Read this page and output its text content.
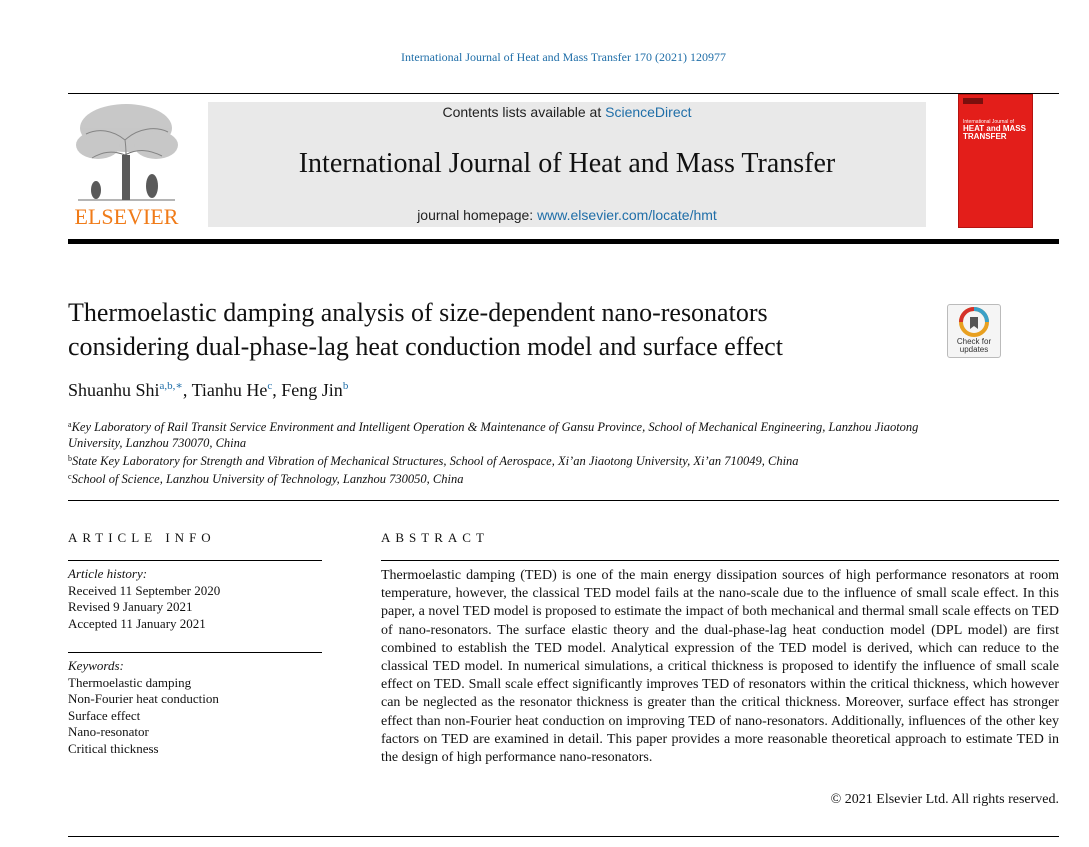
International Journal of Heat and Mass Transfer 170 (2021) 120977
ELSEVIER
Contents lists available at ScienceDirect
International Journal of Heat and Mass Transfer
journal homepage: www.elsevier.com/locate/hmt
International Journal of
HEAT and MASS TRANSFER
Thermoelastic damping analysis of size-dependent nano-resonators
considering dual-phase-lag heat conduction model and surface effect	Check for
updates
Shuanhu Shi$^{a,b,∗}$, Tianhu He$^c$, Feng Jin$^b$
$^a$Key Laboratory of Rail Transit Service Environment and Intelligent Operation & Maintenance of Gansu Province, School of Mechanical Engineering, Lanzhou Jiaotong University, Lanzhou 730070, China
$^b$State Key Laboratory for Strength and Vibration of Mechanical Structures, School of Aerospace, Xi’an Jiaotong University, Xi’an 710049, China
$^c$School of Science, Lanzhou University of Technology, Lanzhou 730050, China
ARTICLE INFO	ABSTRACT
Article history:
Received 11 September 2020
Revised 9 January 2021
Accepted 11 January 2021
Keywords:
Thermoelastic damping
Non-Fourier heat conduction
Surface effect
Nano-resonator
Critical thickness
Thermoelastic damping (TED) is one of the main energy dissipation sources of high performance resonators at room temperature, however, the classical TED model fails at the nano-scale due to the influence of small scale effect. In this paper, a novel TED model is proposed to estimate the impact of both mechanical and thermal small scale effects on TED of nano-resonators. The surface elastic theory and the dual-phase-lag heat conduction model (DPL model) are first combined to establish the TED model. Analytical expression of the TED model is derived, which can reduce to the classical TED model. In numerical simulations, a critical thickness is proposed to identify the influence of small scale effect on TED. Small scale effect significantly improves TED of resonators within the critical thickness, which however can be neglected as the resonator thickness is greater than the critical thickness. Moreover, surface effect has stronger effect than non-Fourier heat conduction on improving TED of nano-resonators. Additionally, influences of the other key factors on TED are examined in detail. This paper provides a more reasonable theoretical approach to estimate TED in the design of high performance nano-resonators.
© 2021 Elsevier Ltd. All rights reserved.
